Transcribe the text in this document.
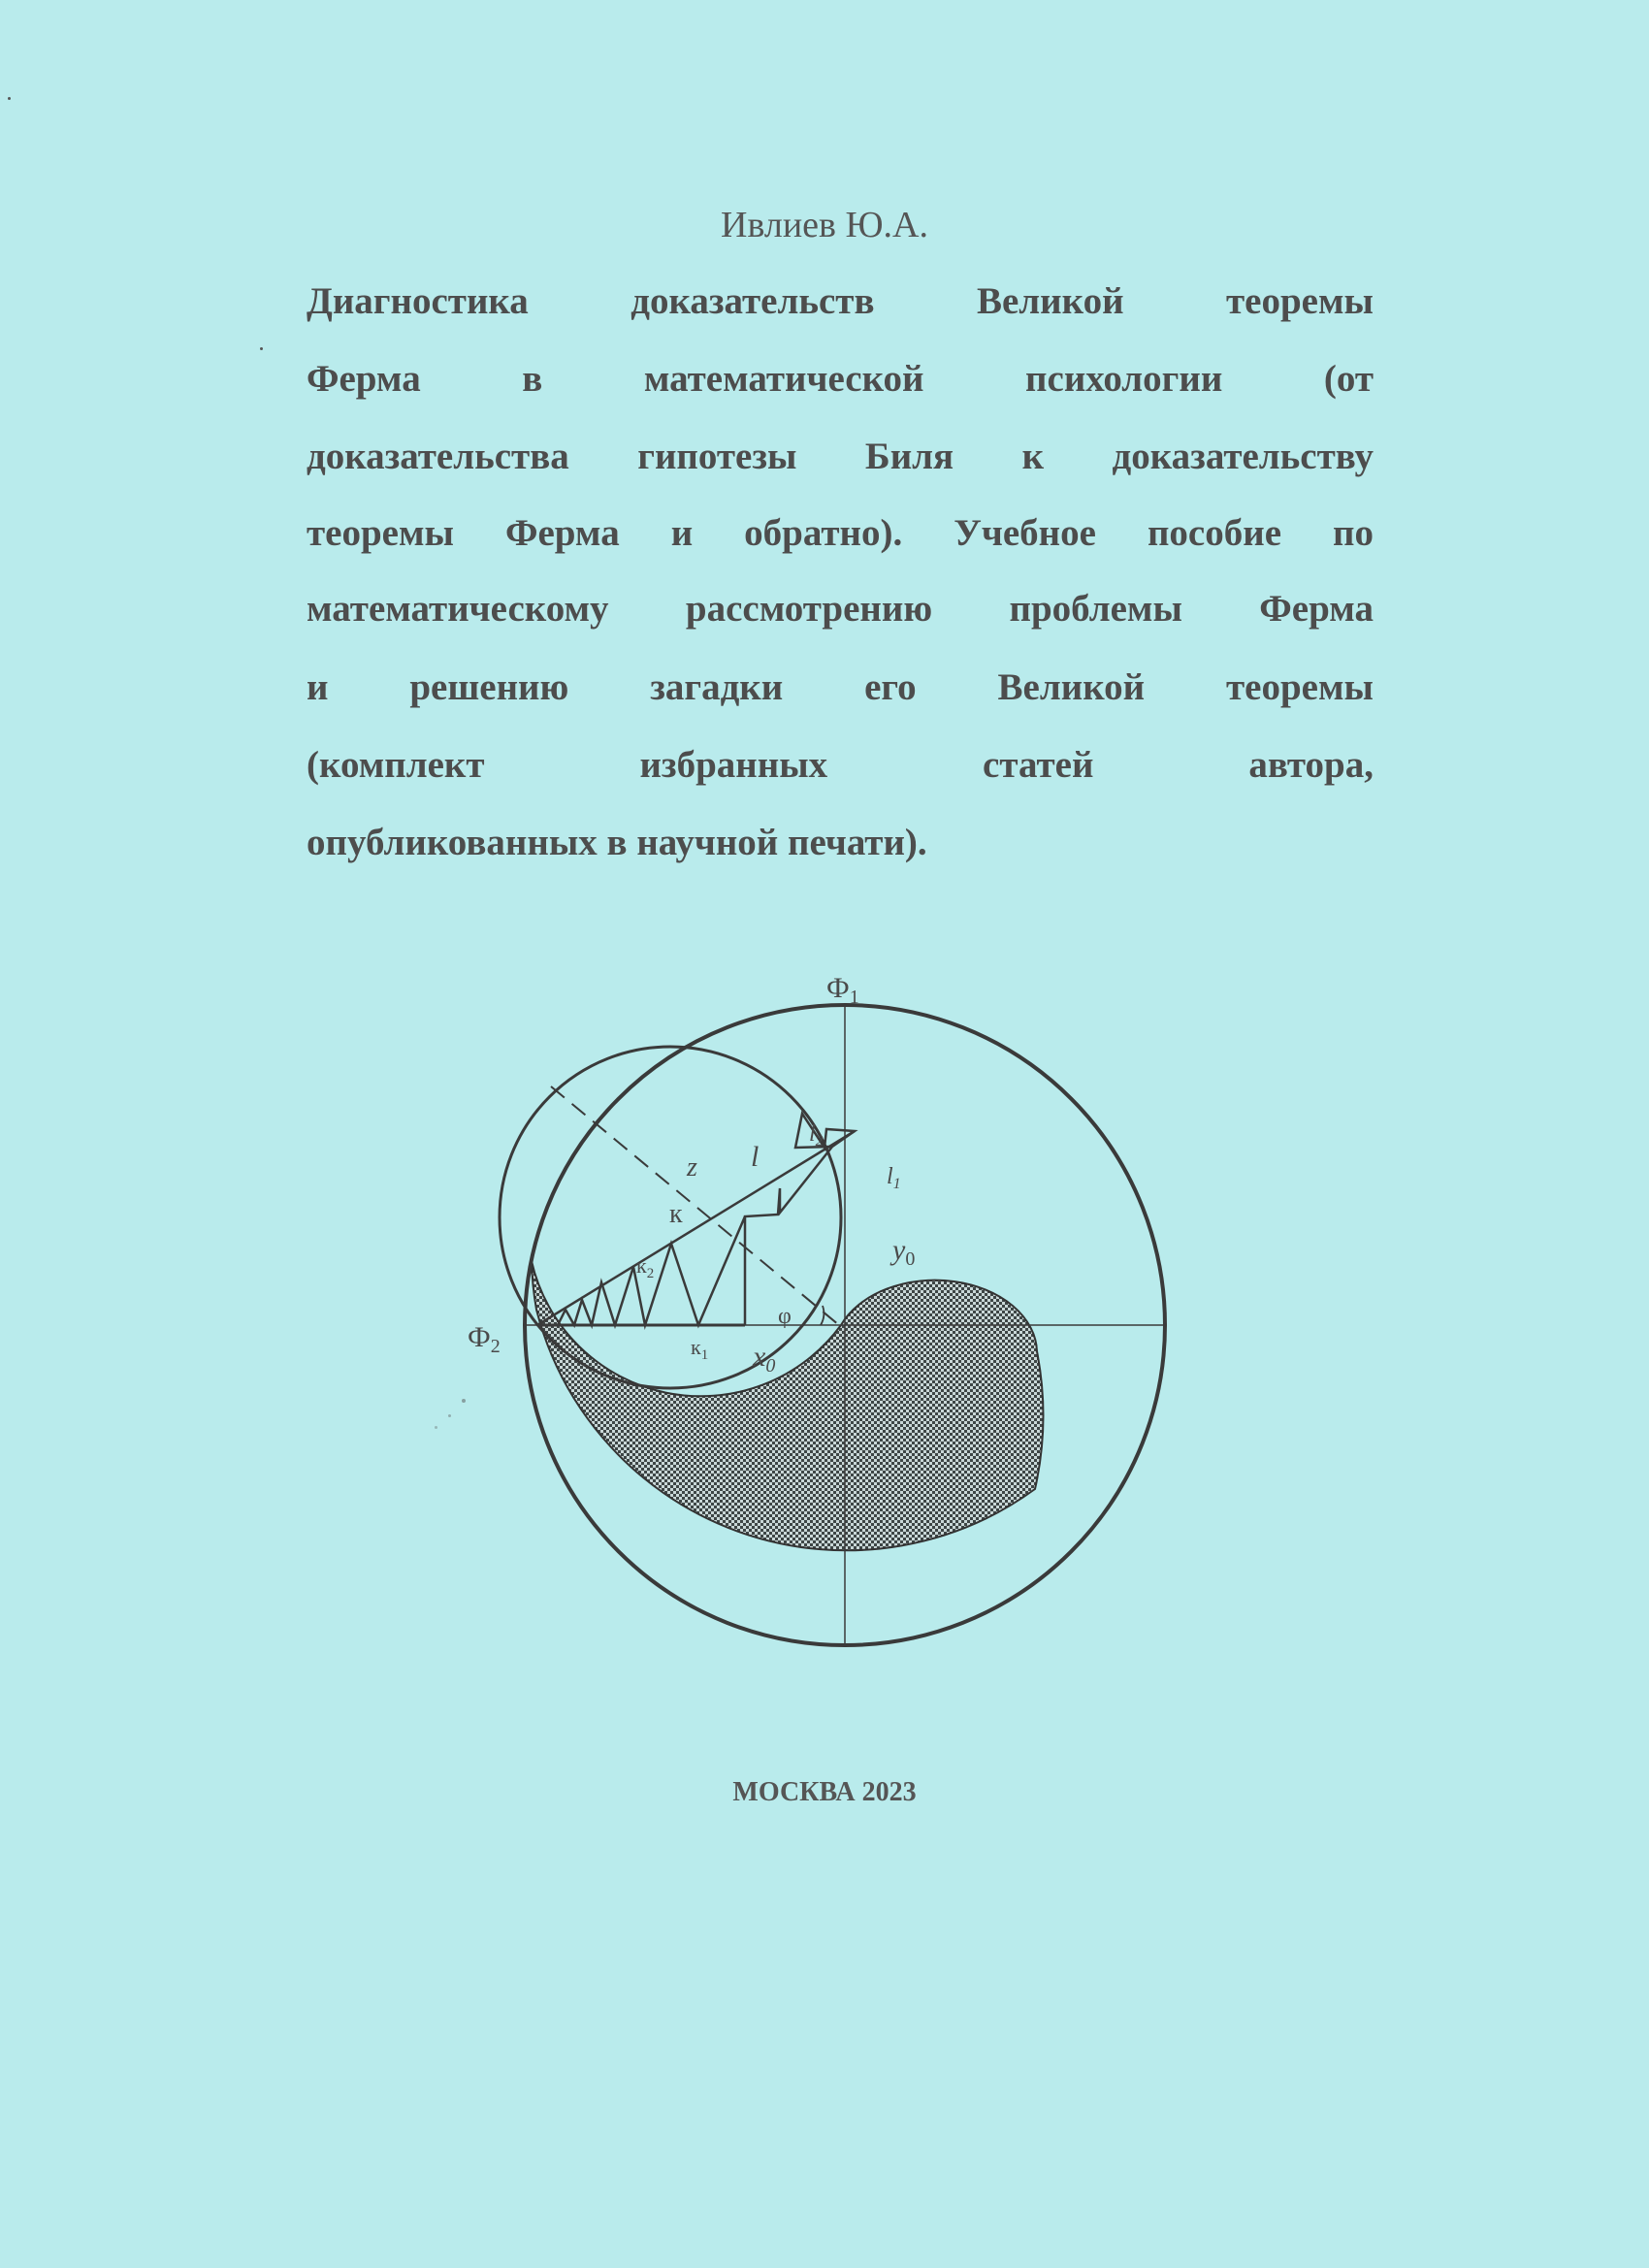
Ивлиев Ю.А.
Диагностика доказательств Великой теоремы
Ферма в математической психологии (от
доказательства гипотезы Биля к доказательству
теоремы Ферма и обратно). Учебное пособие по
математическому рассмотрению проблемы Ферма
и решению загадки его Великой теоремы
(комплект избранных статей автора,
опубликованных в научной печати).
$Ф_1$
$Ф_2$
z l
$l_2$
$l_1$
к
$к_2$
$к_1$
$y_0$
$x_0$
φ
МОСКВА 2023
